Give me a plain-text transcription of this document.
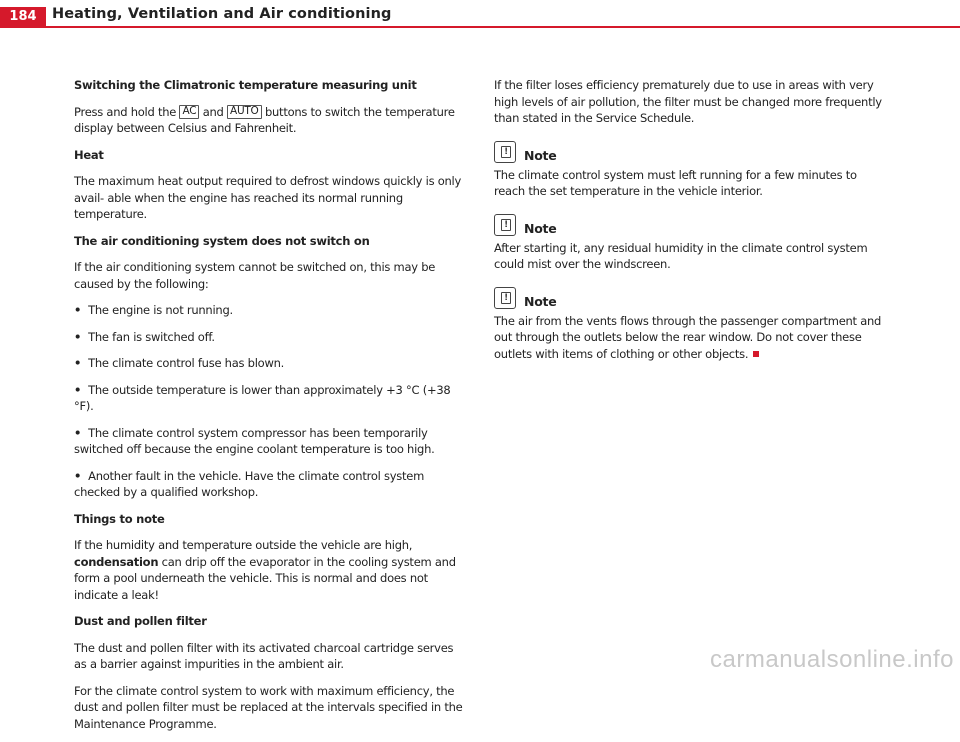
184	Heating, Ventilation and Air conditioning

Switching the Climatronic temperature measuring unit

Press and hold the AC and AUTO buttons to switch the temperature display between Celsius and Fahrenheit.

Heat

The maximum heat output required to defrost windows quickly is only avail- able when the engine has reached its normal running temperature.

The air conditioning system does not switch on

If the air conditioning system cannot be switched on, this may be caused by the following:

• The engine is not running.

• The fan is switched off.

• The climate control fuse has blown.

• The outside temperature is lower than approximately +3 °C (+38 °F).

• The climate control system compressor has been temporarily switched off because the engine coolant temperature is too high.

• Another fault in the vehicle. Have the climate control system checked by a qualified workshop.

Things to note

If the humidity and temperature outside the vehicle are high, condensation can drip off the evaporator in the cooling system and form a pool underneath the vehicle. This is normal and does not indicate a leak!

Dust and pollen filter

The dust and pollen filter with its activated charcoal cartridge serves as a barrier against impurities in the ambient air.

For the climate control system to work with maximum efficiency, the dust and pollen filter must be replaced at the intervals specified in the Maintenance Programme.

If the filter loses efficiency prematurely due to use in areas with very high levels of air pollution, the filter must be changed more frequently than stated in the Service Schedule.

! Note

The climate control system must left running for a few minutes to reach the set temperature in the vehicle interior.

! Note

After starting it, any residual humidity in the climate control system could mist over the windscreen.

! Note

The air from the vents flows through the passenger compartment and out through the outlets below the rear window. Do not cover these outlets with items of clothing or other objects.

carmanualsonline.info
